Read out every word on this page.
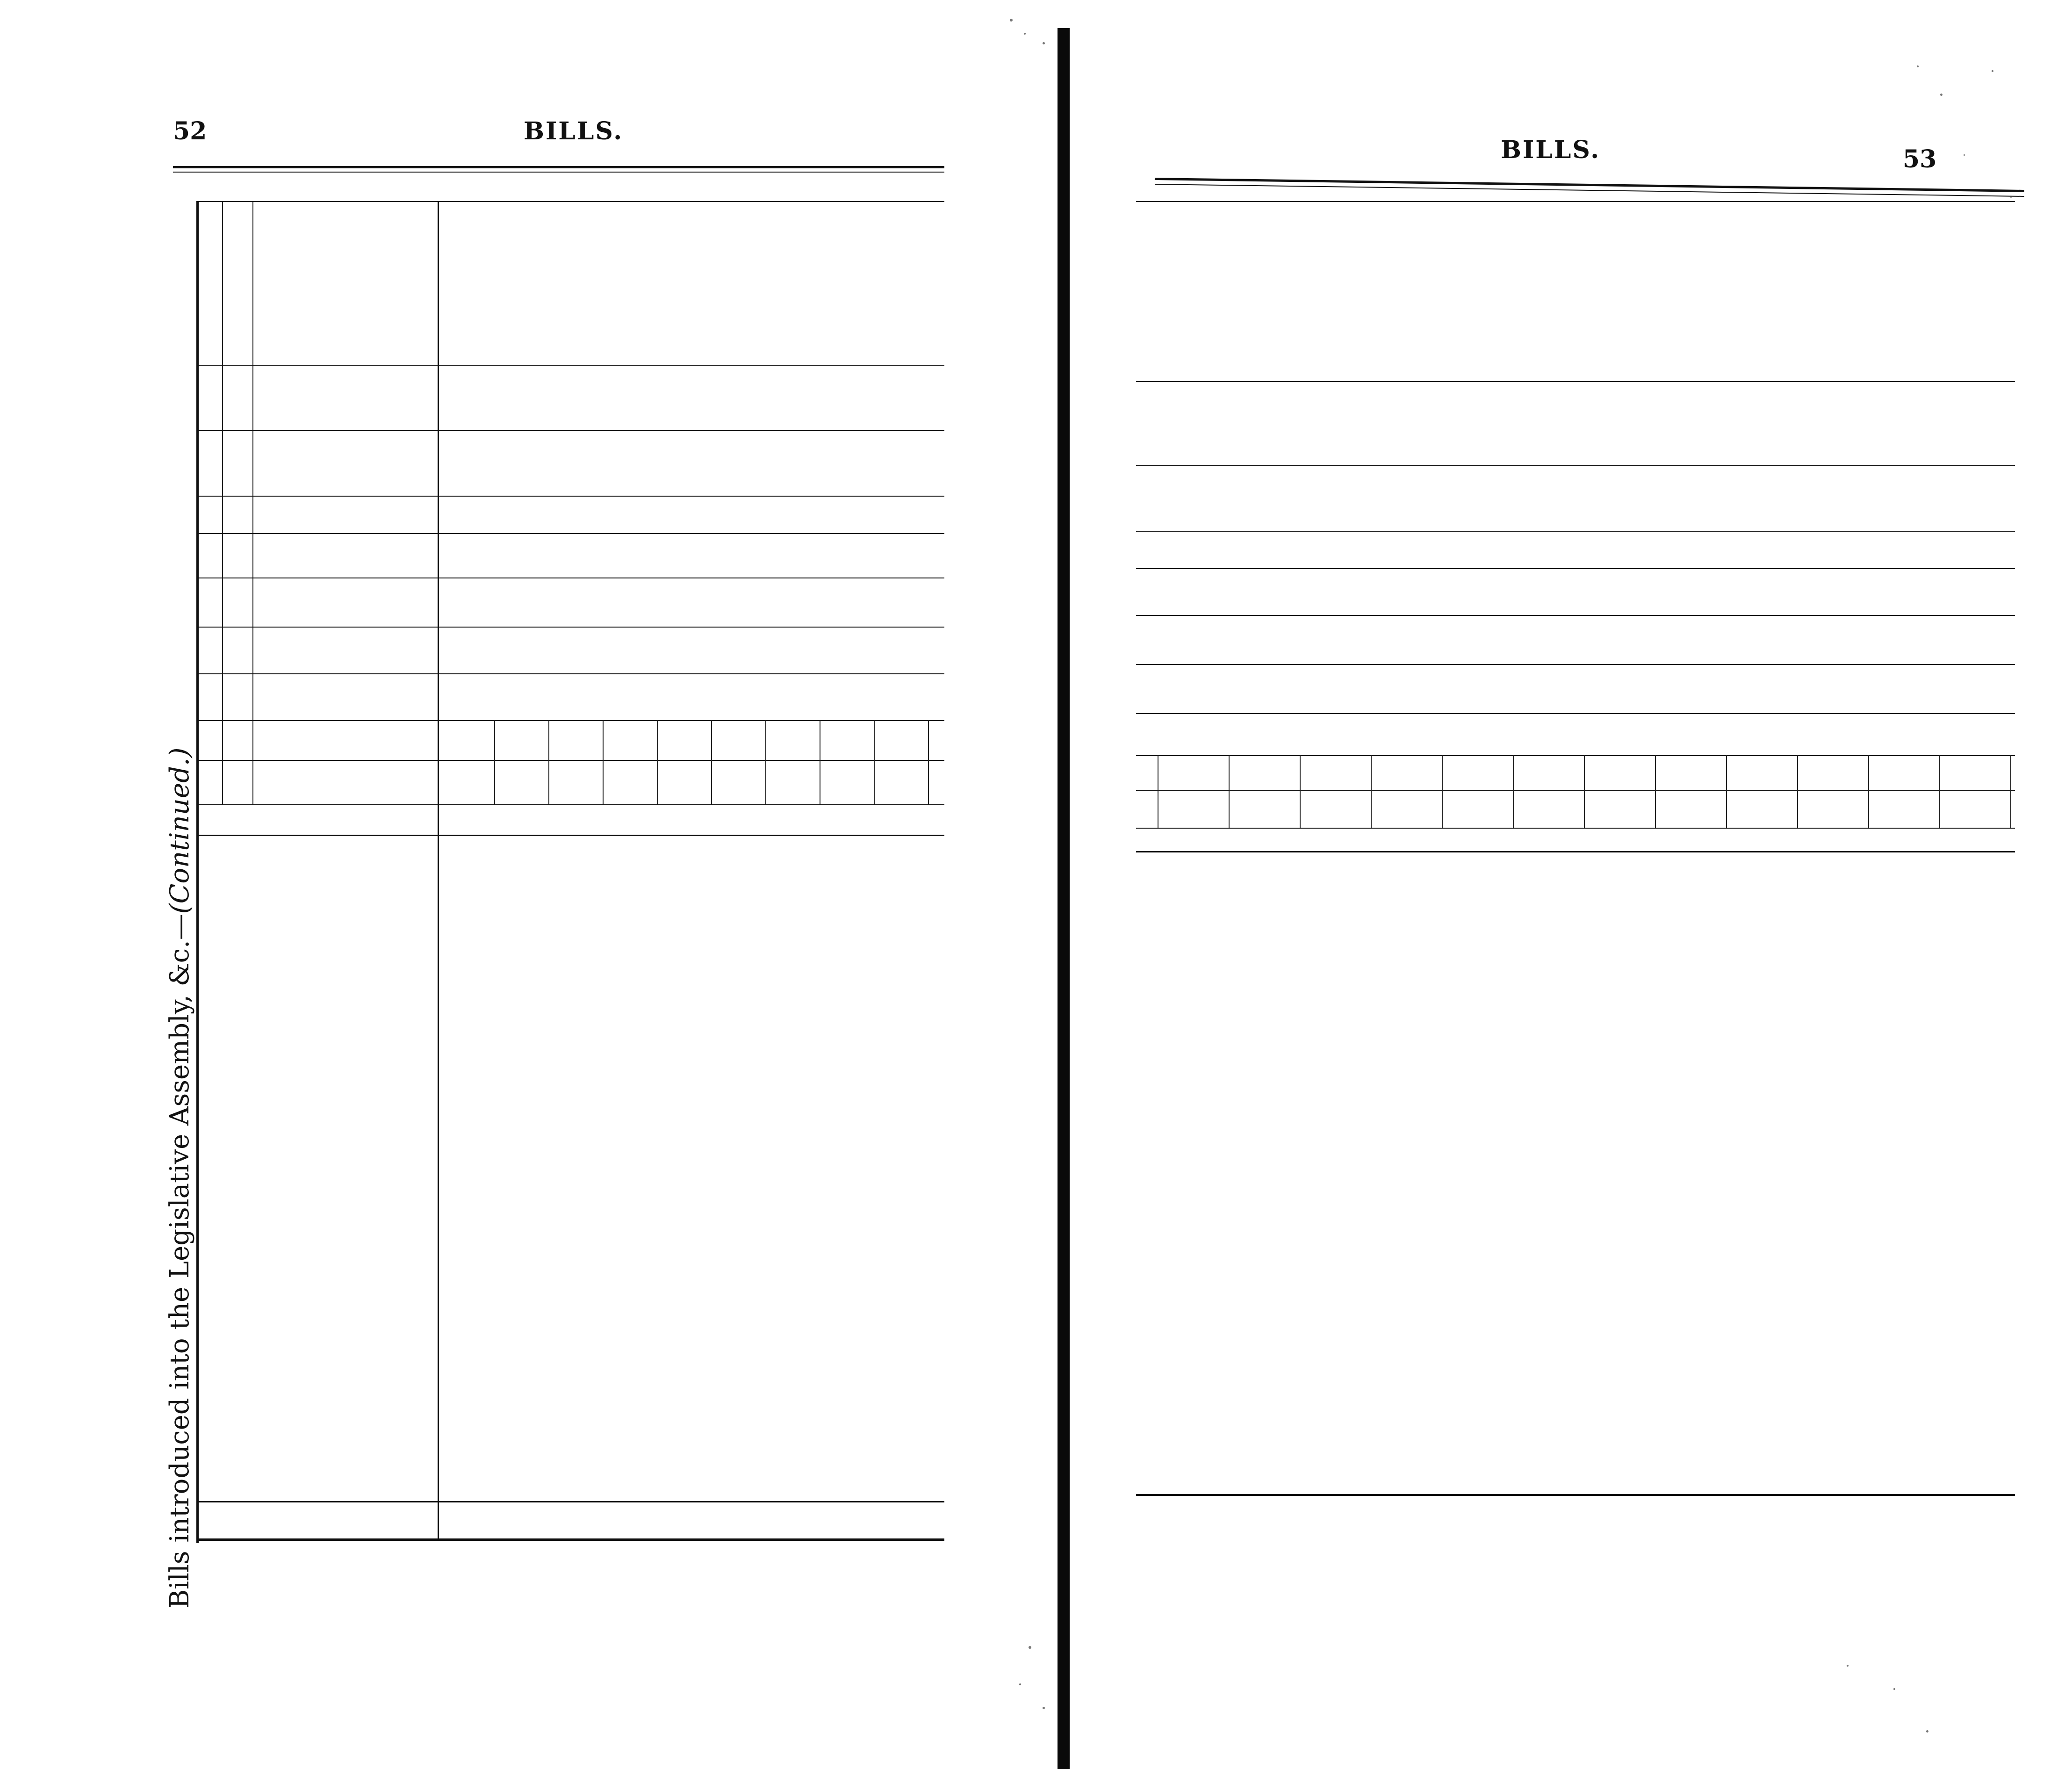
52	BILLS.
Bills introduced into the Legislative Assembly, &c.—(Continued.)
BILLS.	53
